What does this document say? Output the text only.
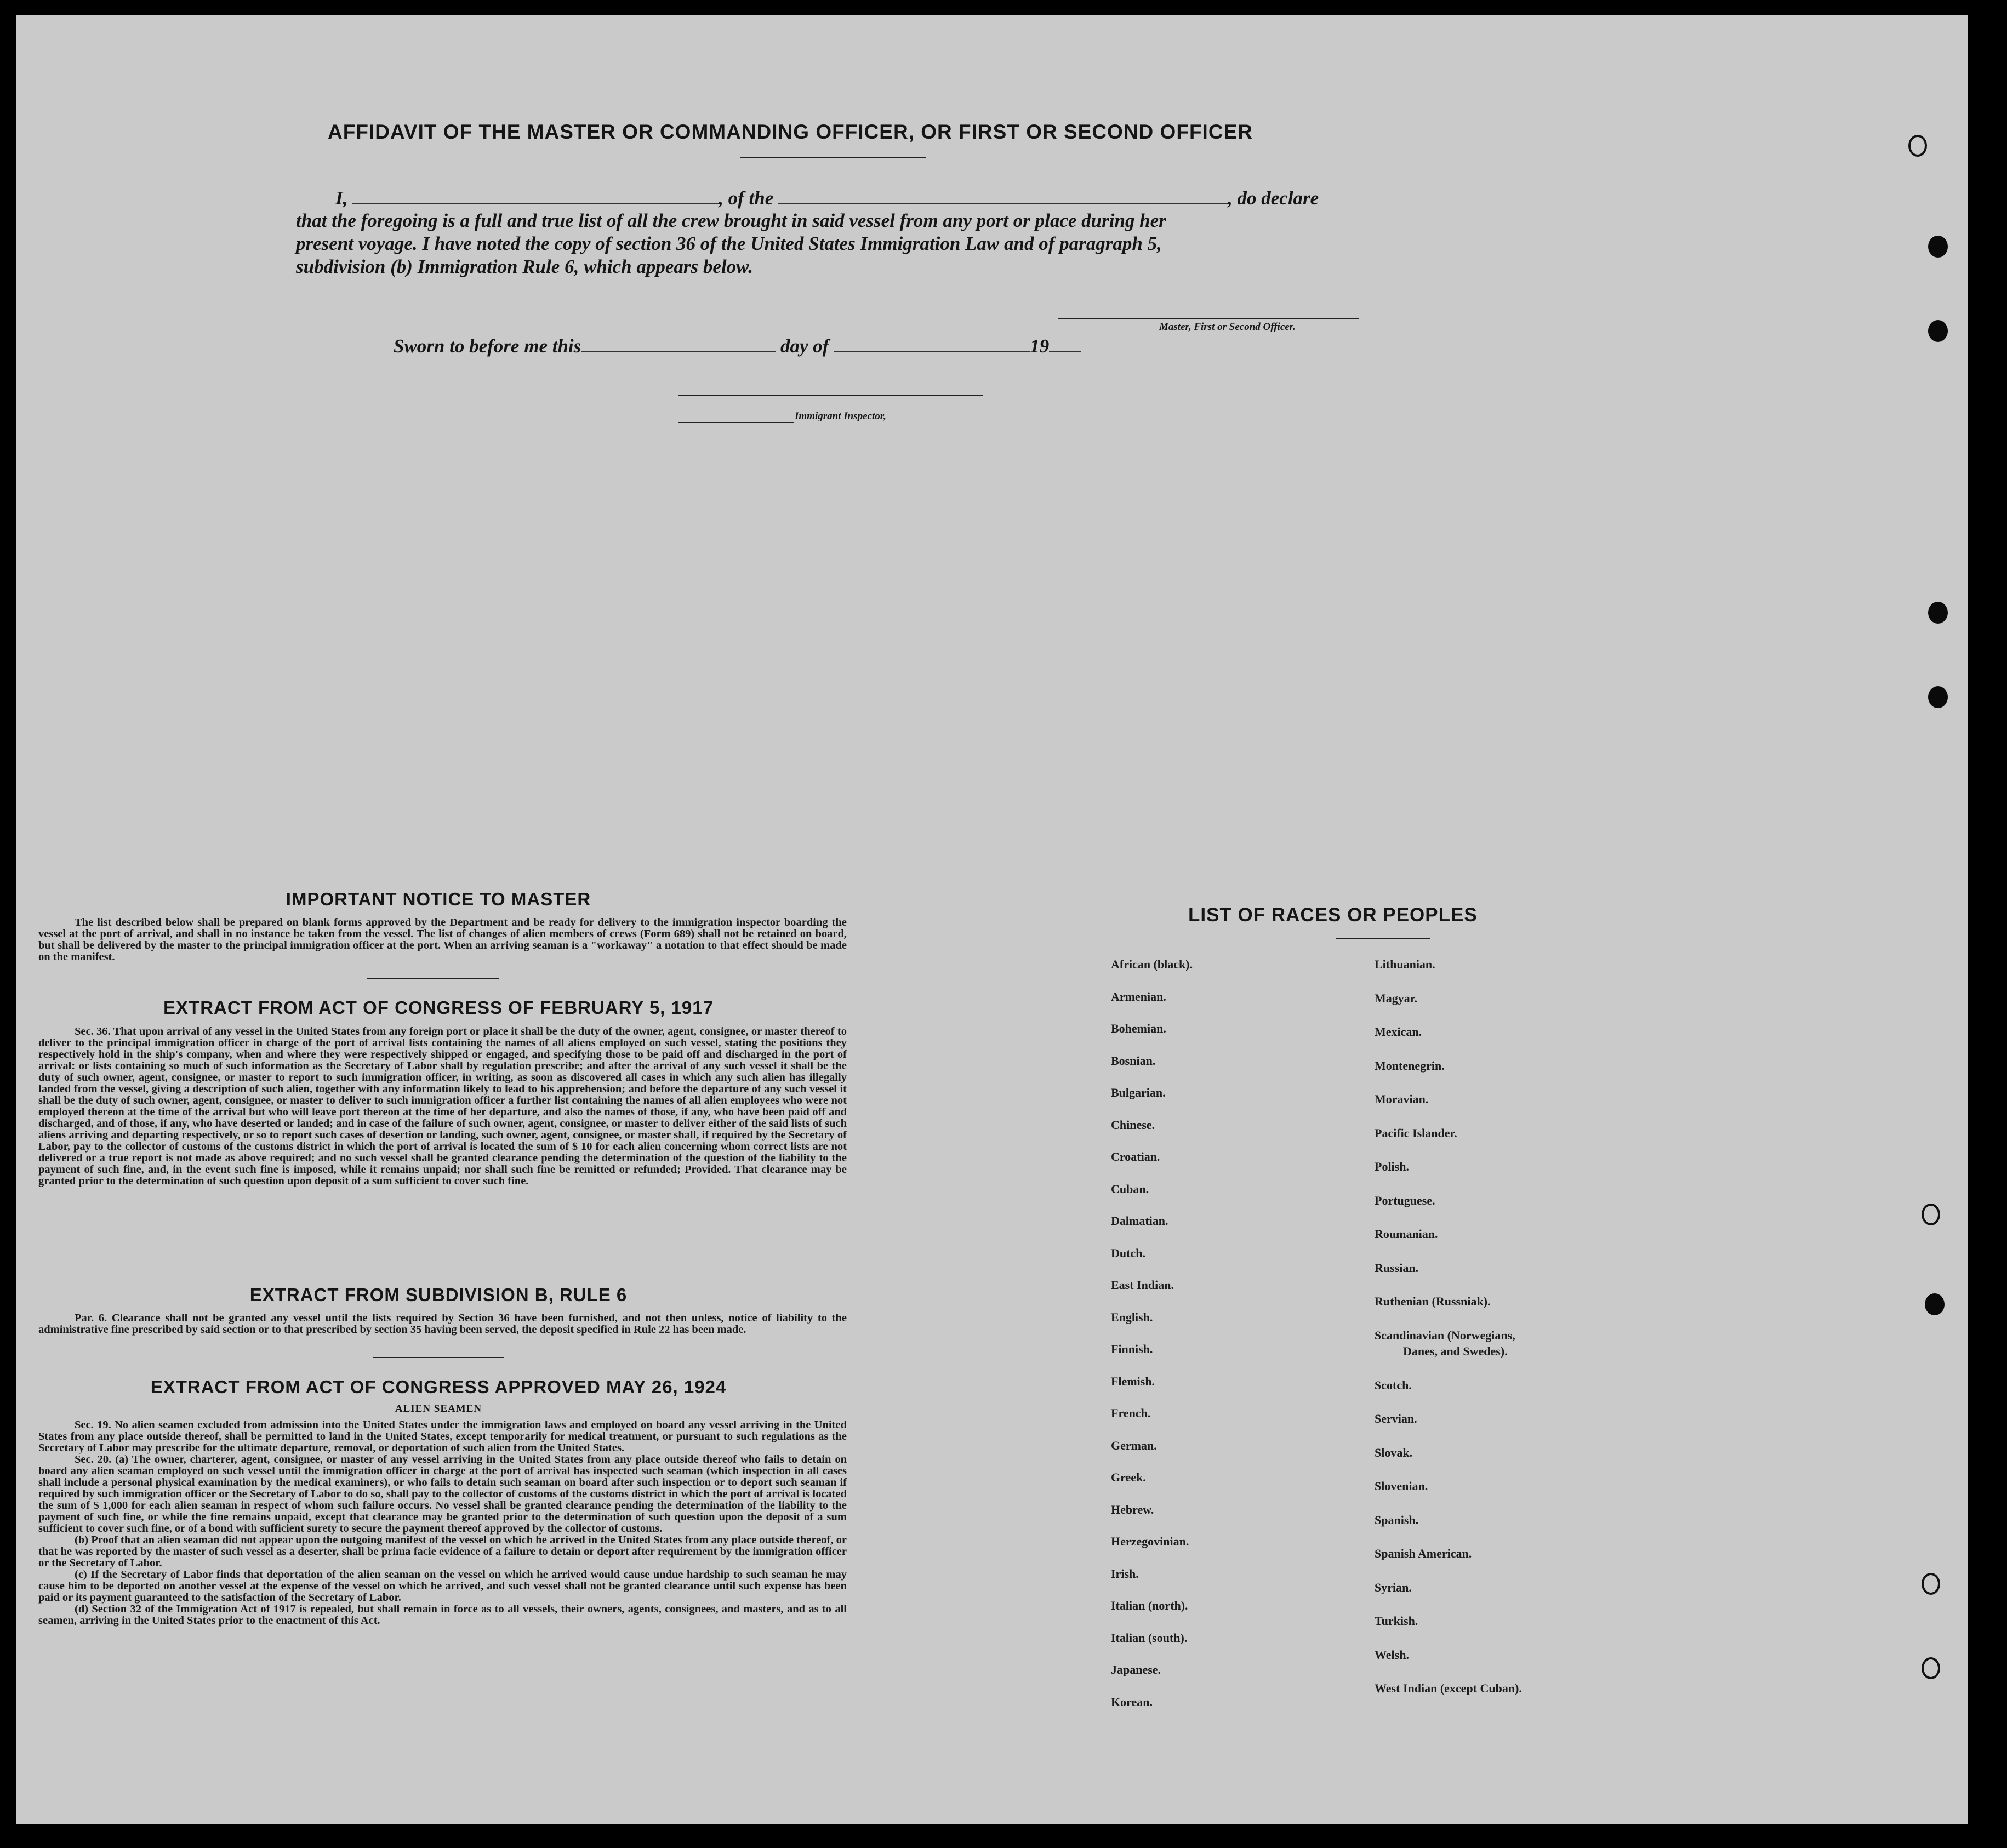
AFFIDAVIT OF THE MASTER OR COMMANDING OFFICER, OR FIRST OR SECOND OFFICER
I,	, of the	, do declare
that the foregoing is a full and true list of all the crew brought in said vessel from any port or place during her
present voyage. I have noted the copy of section 36 of the United States Immigration Law and of paragraph 5,
subdivision (b) Immigration Rule 6, which appears below.
Master, First or Second Officer.
Sworn to before me this	day of	19
Immigrant Inspector,
IMPORTANT NOTICE TO MASTER

The list described below shall be prepared on blank forms approved by the Department and be ready for delivery to the immigration inspector boarding the vessel at the port of arrival, and shall in no instance be taken from the vessel. The list of changes of alien members of crews (Form 689) shall not be retained on board, but shall be delivered by the master to the principal immigration officer at the port. When an arriving seaman is a "workaway" a notation to that effect should be made on the manifest.

EXTRACT FROM ACT OF CONGRESS OF FEBRUARY 5, 1917

Sec. 36. That upon arrival of any vessel in the United States from any foreign port or place it shall be the duty of the owner, agent, consignee, or master thereof to deliver to the principal immigration officer in charge of the port of arrival lists containing the names of all aliens employed on such vessel, stating the positions they respectively hold in the ship's company, when and where they were respectively shipped or engaged, and specifying those to be paid off and discharged in the port of arrival: or lists containing so much of such information as the Secretary of Labor shall by regulation prescribe; and after the arrival of any such vessel it shall be the duty of such owner, agent, consignee, or master to report to such immigration officer, in writing, as soon as discovered all cases in which any such alien has illegally landed from the vessel, giving a description of such alien, together with any information likely to lead to his apprehension; and before the departure of any such vessel it shall be the duty of such owner, agent, consignee, or master to deliver to such immigration officer a further list containing the names of all alien employees who were not employed thereon at the time of the arrival but who will leave port thereon at the time of her departure, and also the names of those, if any, who have been paid off and discharged, and of those, if any, who have deserted or landed; and in case of the failure of such owner, agent, consignee, or master to deliver either of the said lists of such aliens arriving and departing respectively, or so to report such cases of desertion or landing, such owner, agent, consignee, or master shall, if required by the Secretary of Labor, pay to the collector of customs of the customs district in which the port of arrival is located the sum of $ 10 for each alien concerning whom correct lists are not delivered or a true report is not made as above required; and no such vessel shall be granted clearance pending the determination of the question of the liability to the payment of such fine, and, in the event such fine is imposed, while it remains unpaid; nor shall such fine be remitted or refunded; Provided. That clearance may be granted prior to the determination of such question upon deposit of a sum sufficient to cover such fine.

EXTRACT FROM SUBDIVISION B, RULE 6

Par. 6. Clearance shall not be granted any vessel until the lists required by Section 36 have been furnished, and not then unless, notice of liability to the administrative fine prescribed by said section or to that prescribed by section 35 having been served, the deposit specified in Rule 22 has been made.

EXTRACT FROM ACT OF CONGRESS APPROVED MAY 26, 1924
ALIEN SEAMEN

Sec. 19. No alien seamen excluded from admission into the United States under the immigration laws and employed on board any vessel arriving in the United States from any place outside thereof, shall be permitted to land in the United States, except temporarily for medical treatment, or pursuant to such regulations as the Secretary of Labor may prescribe for the ultimate departure, removal, or deportation of such alien from the United States.

Sec. 20. (a) The owner, charterer, agent, consignee, or master of any vessel arriving in the United States from any place outside thereof who fails to detain on board any alien seaman employed on such vessel until the immigration officer in charge at the port of arrival has inspected such seaman (which inspection in all cases shall include a personal physical examination by the medical examiners), or who fails to detain such seaman on board after such inspection or to deport such seaman if required by such immigration officer or the Secretary of Labor to do so, shall pay to the collector of customs of the customs district in which the port of arrival is located the sum of $ 1,000 for each alien seaman in respect of whom such failure occurs. No vessel shall be granted clearance pending the determination of the liability to the payment of such fine, or while the fine remains unpaid, except that clearance may be granted prior to the determination of such question upon the deposit of a sum sufficient to cover such fine, or of a bond with sufficient surety to secure the payment thereof approved by the collector of customs.

(b) Proof that an alien seaman did not appear upon the outgoing manifest of the vessel on which he arrived in the United States from any place outside thereof, or that he was reported by the master of such vessel as a deserter, shall be prima facie evidence of a failure to detain or deport after requirement by the immigration officer or the Secretary of Labor.

(c) If the Secretary of Labor finds that deportation of the alien seaman on the vessel on which he arrived would cause undue hardship to such seaman he may cause him to be deported on another vessel at the expense of the vessel on which he arrived, and such vessel shall not be granted clearance until such expense has been paid or its payment guaranteed to the satisfaction of the Secretary of Labor.

(d) Section 32 of the Immigration Act of 1917 is repealed, but shall remain in force as to all vessels, their owners, agents, consignees, and masters, and as to all seamen, arriving in the United States prior to the enactment of this Act.

LIST OF RACES OR PEOPLES
African (black).
Armenian.
Bohemian.
Bosnian.
Bulgarian.
Chinese.
Croatian.
Cuban.
Dalmatian.
Dutch.
East Indian.
English.
Finnish.
Flemish.
French.
German.
Greek.
Hebrew.
Herzegovinian.
Irish.
Italian (north).
Italian (south).
Japanese.
Korean.
Lithuanian.
Magyar.
Mexican.
Montenegrin.
Moravian.
Pacific Islander.
Polish.
Portuguese.
Roumanian.
Russian.
Ruthenian (Russniak).
Scandinavian (Norwegians,
Danes, and Swedes).
Scotch.
Servian.
Slovak.
Slovenian.
Spanish.
Spanish American.
Syrian.
Turkish.
Welsh.
West Indian (except Cuban).
